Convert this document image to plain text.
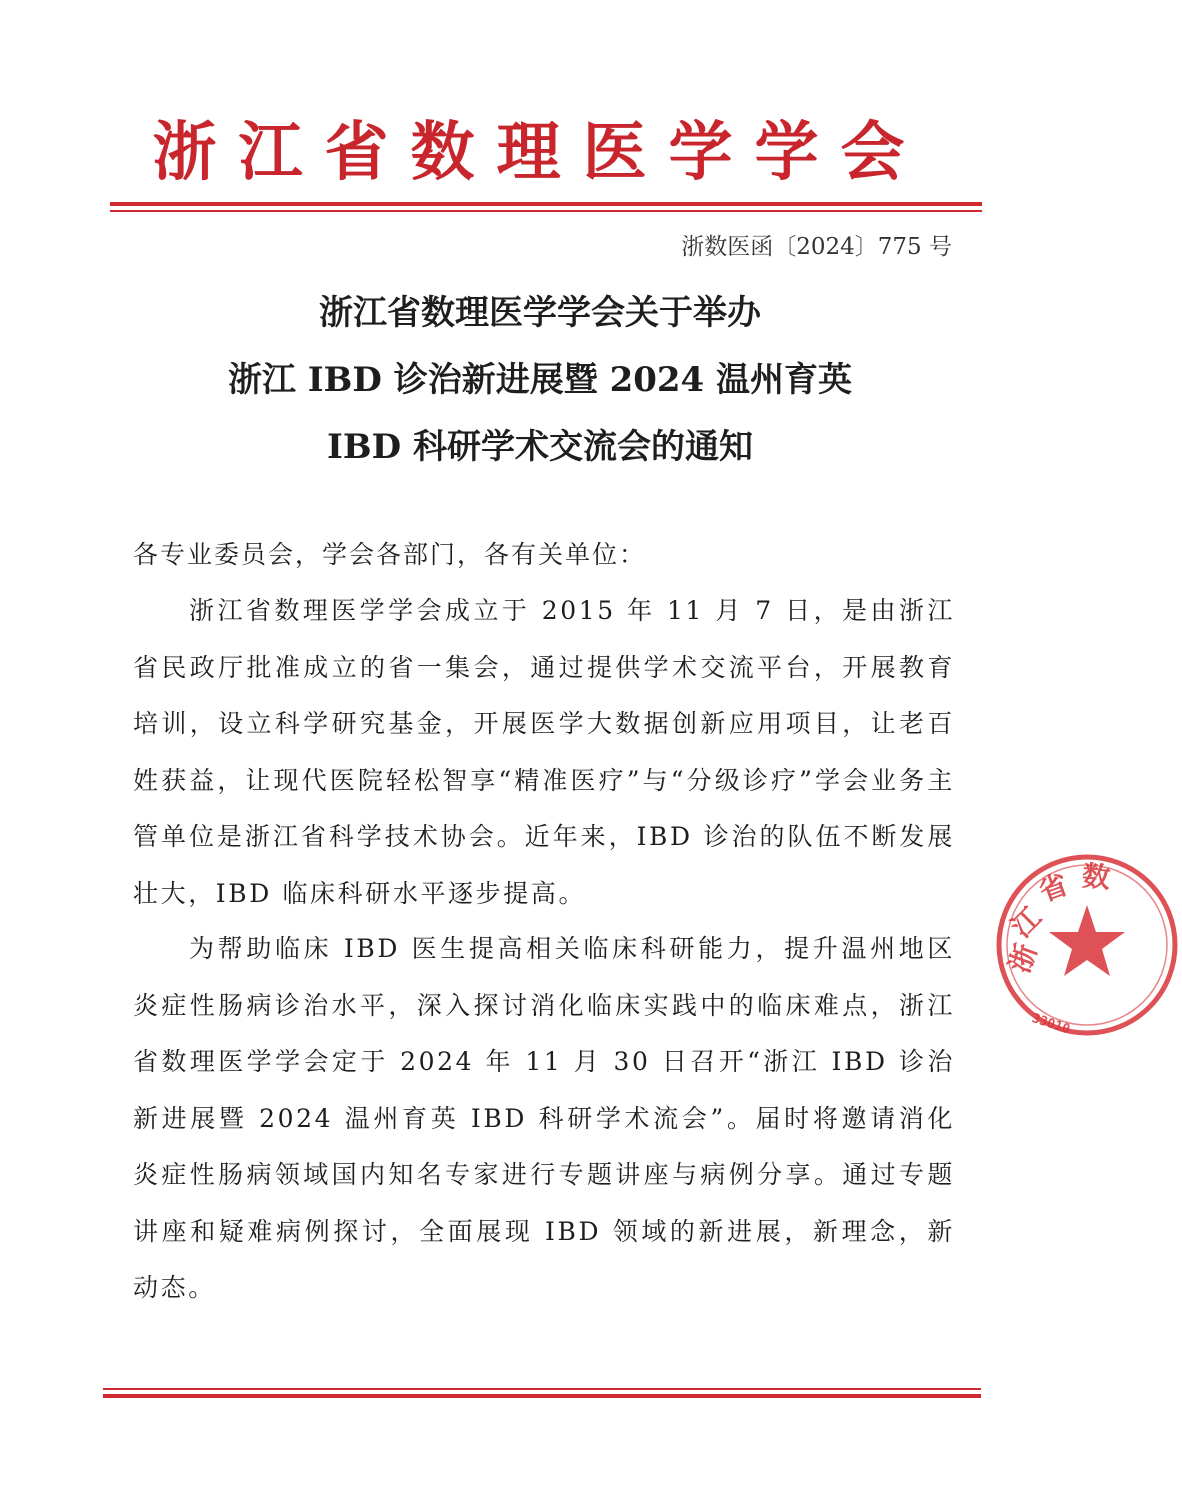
浙江省数理医学学会
浙数医函〔2024〕775 号
浙江省数理医学学会关于举办
浙江 IBD 诊治新进展暨 2024 温州育英
IBD 科研学术交流会的通知
各专业委员会，学会各部门，各有关单位：
浙江省数理医学学会成立于 2015 年 11 月 7 日，是由浙江省民政厅批准成立的省一集会，通过提供学术交流平台，开展教育培训，设立科学研究基金，开展医学大数据创新应用项目，让老百姓获益，让现代医院轻松智享“精准医疗”与“分级诊疗”学会业务主管单位是浙江省科学技术协会。近年来，IBD 诊治的队伍不断发展壮大，IBD 临床科研水平逐步提高。
为帮助临床 IBD 医生提高相关临床科研能力，提升温州地区炎症性肠病诊治水平，深入探讨消化临床实践中的临床难点，浙江省数理医学学会定于 2024 年 11 月 30 日召开“浙江 IBD 诊治新进展暨 2024 温州育英 IBD 科研学术流会”。届时将邀请消化炎症性肠病领域国内知名专家进行专题讲座与病例分享。通过专题讲座和疑难病例探讨，全面展现 IBD 领域的新进展，新理念，新动态。
浙
江
省 数
33010
